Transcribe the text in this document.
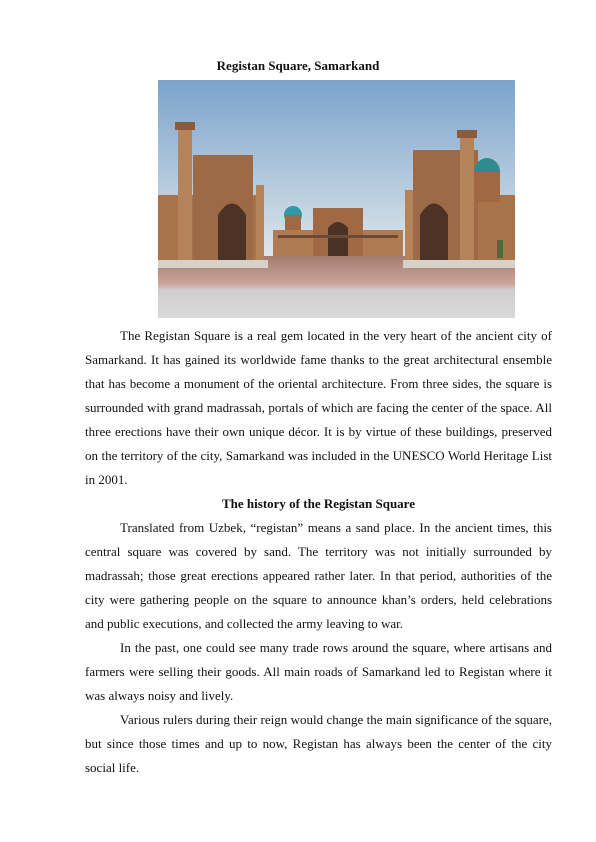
Registan Square, Samarkand

The Registan Square is a real gem located in the very heart of the ancient city of Samarkand. It has gained its worldwide fame thanks to the great architectural ensemble that has become a monument of the oriental architecture. From three sides, the square is surrounded with grand madrassah, portals of which are facing the center of the space. All three erections have their own unique décor. It is by virtue of these buildings, preserved on the territory of the city, Samarkand was included in the UNESCO World Heritage List in 2001.

The history of the Registan Square

Translated from Uzbek, “registan” means a sand place. In the ancient times, this central square was covered by sand. The territory was not initially surrounded by madrassah; those great erections appeared rather later. In that period, authorities of the city were gathering people on the square to announce khan’s orders, held celebrations and public executions, and collected the army leaving to war.

In the past, one could see many trade rows around the square, where artisans and farmers were selling their goods. All main roads of Samarkand led to Registan where it was always noisy and lively.

Various rulers during their reign would change the main significance of the square, but since those times and up to now, Registan has always been the center of the city social life.
